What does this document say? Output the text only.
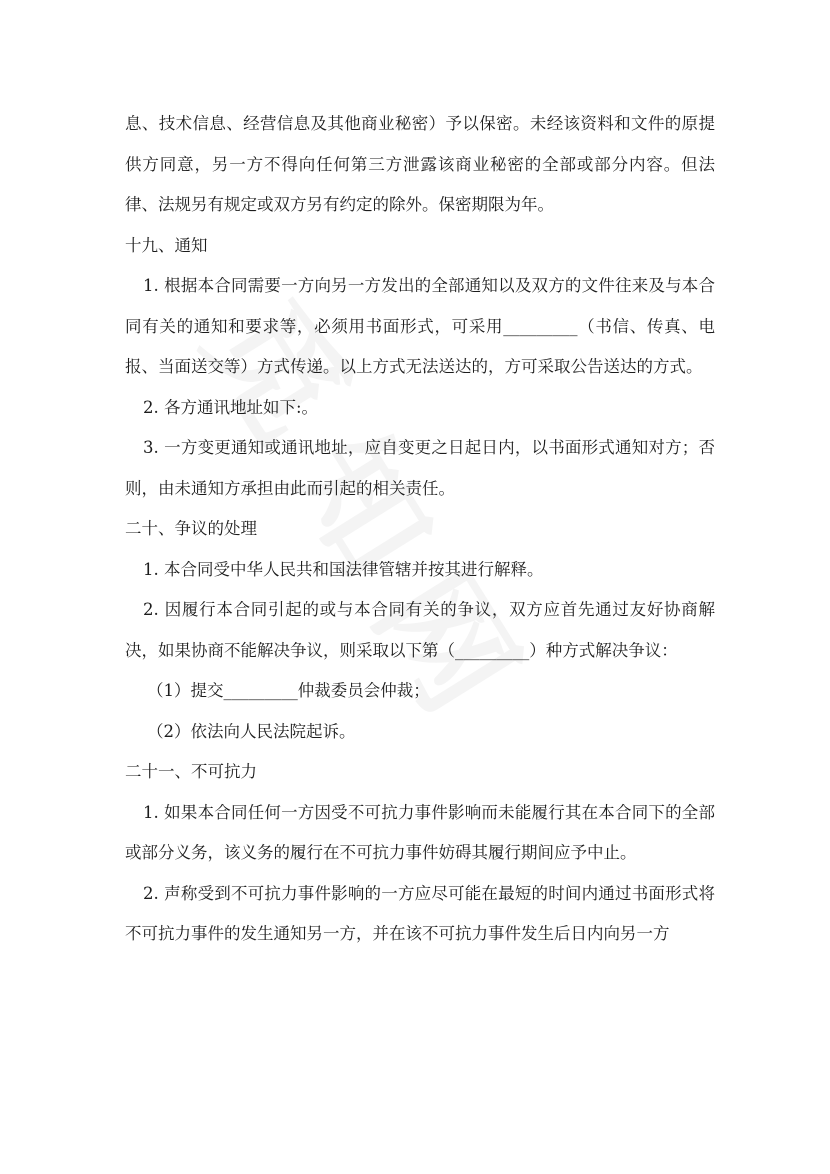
息、技术信息、经营信息及其他商业秘密）予以保密。未经该资料和文件的原提供方同意，另一方不得向任何第三方泄露该商业秘密的全部或部分内容。但法律、法规另有规定或双方另有约定的除外。保密期限为年。

十九、通知

1. 根据本合同需要一方向另一方发出的全部通知以及双方的文件往来及与本合同有关的通知和要求等，必须用书面形式，可采用_________（书信、传真、电报、当面送交等）方式传递。以上方式无法送达的，方可采取公告送达的方式。

2. 各方通讯地址如下:。

3. 一方变更通知或通讯地址，应自变更之日起日内，以书面形式通知对方；否则，由未通知方承担由此而引起的相关责任。

二十、争议的处理

1. 本合同受中华人民共和国法律管辖并按其进行解释。

2. 因履行本合同引起的或与本合同有关的争议，双方应首先通过友好协商解决，如果协商不能解决争议，则采取以下第（_________）种方式解决争议：

（1）提交_________仲裁委员会仲裁；

（2）依法向人民法院起诉。

二十一、不可抗力

1. 如果本合同任何一方因受不可抗力事件影响而未能履行其在本合同下的全部或部分义务，该义务的履行在不可抗力事件妨碍其履行期间应予中止。

2. 声称受到不可抗力事件影响的一方应尽可能在最短的时间内通过书面形式将不可抗力事件的发生通知另一方，并在该不可抗力事件发生后日内向另一方
